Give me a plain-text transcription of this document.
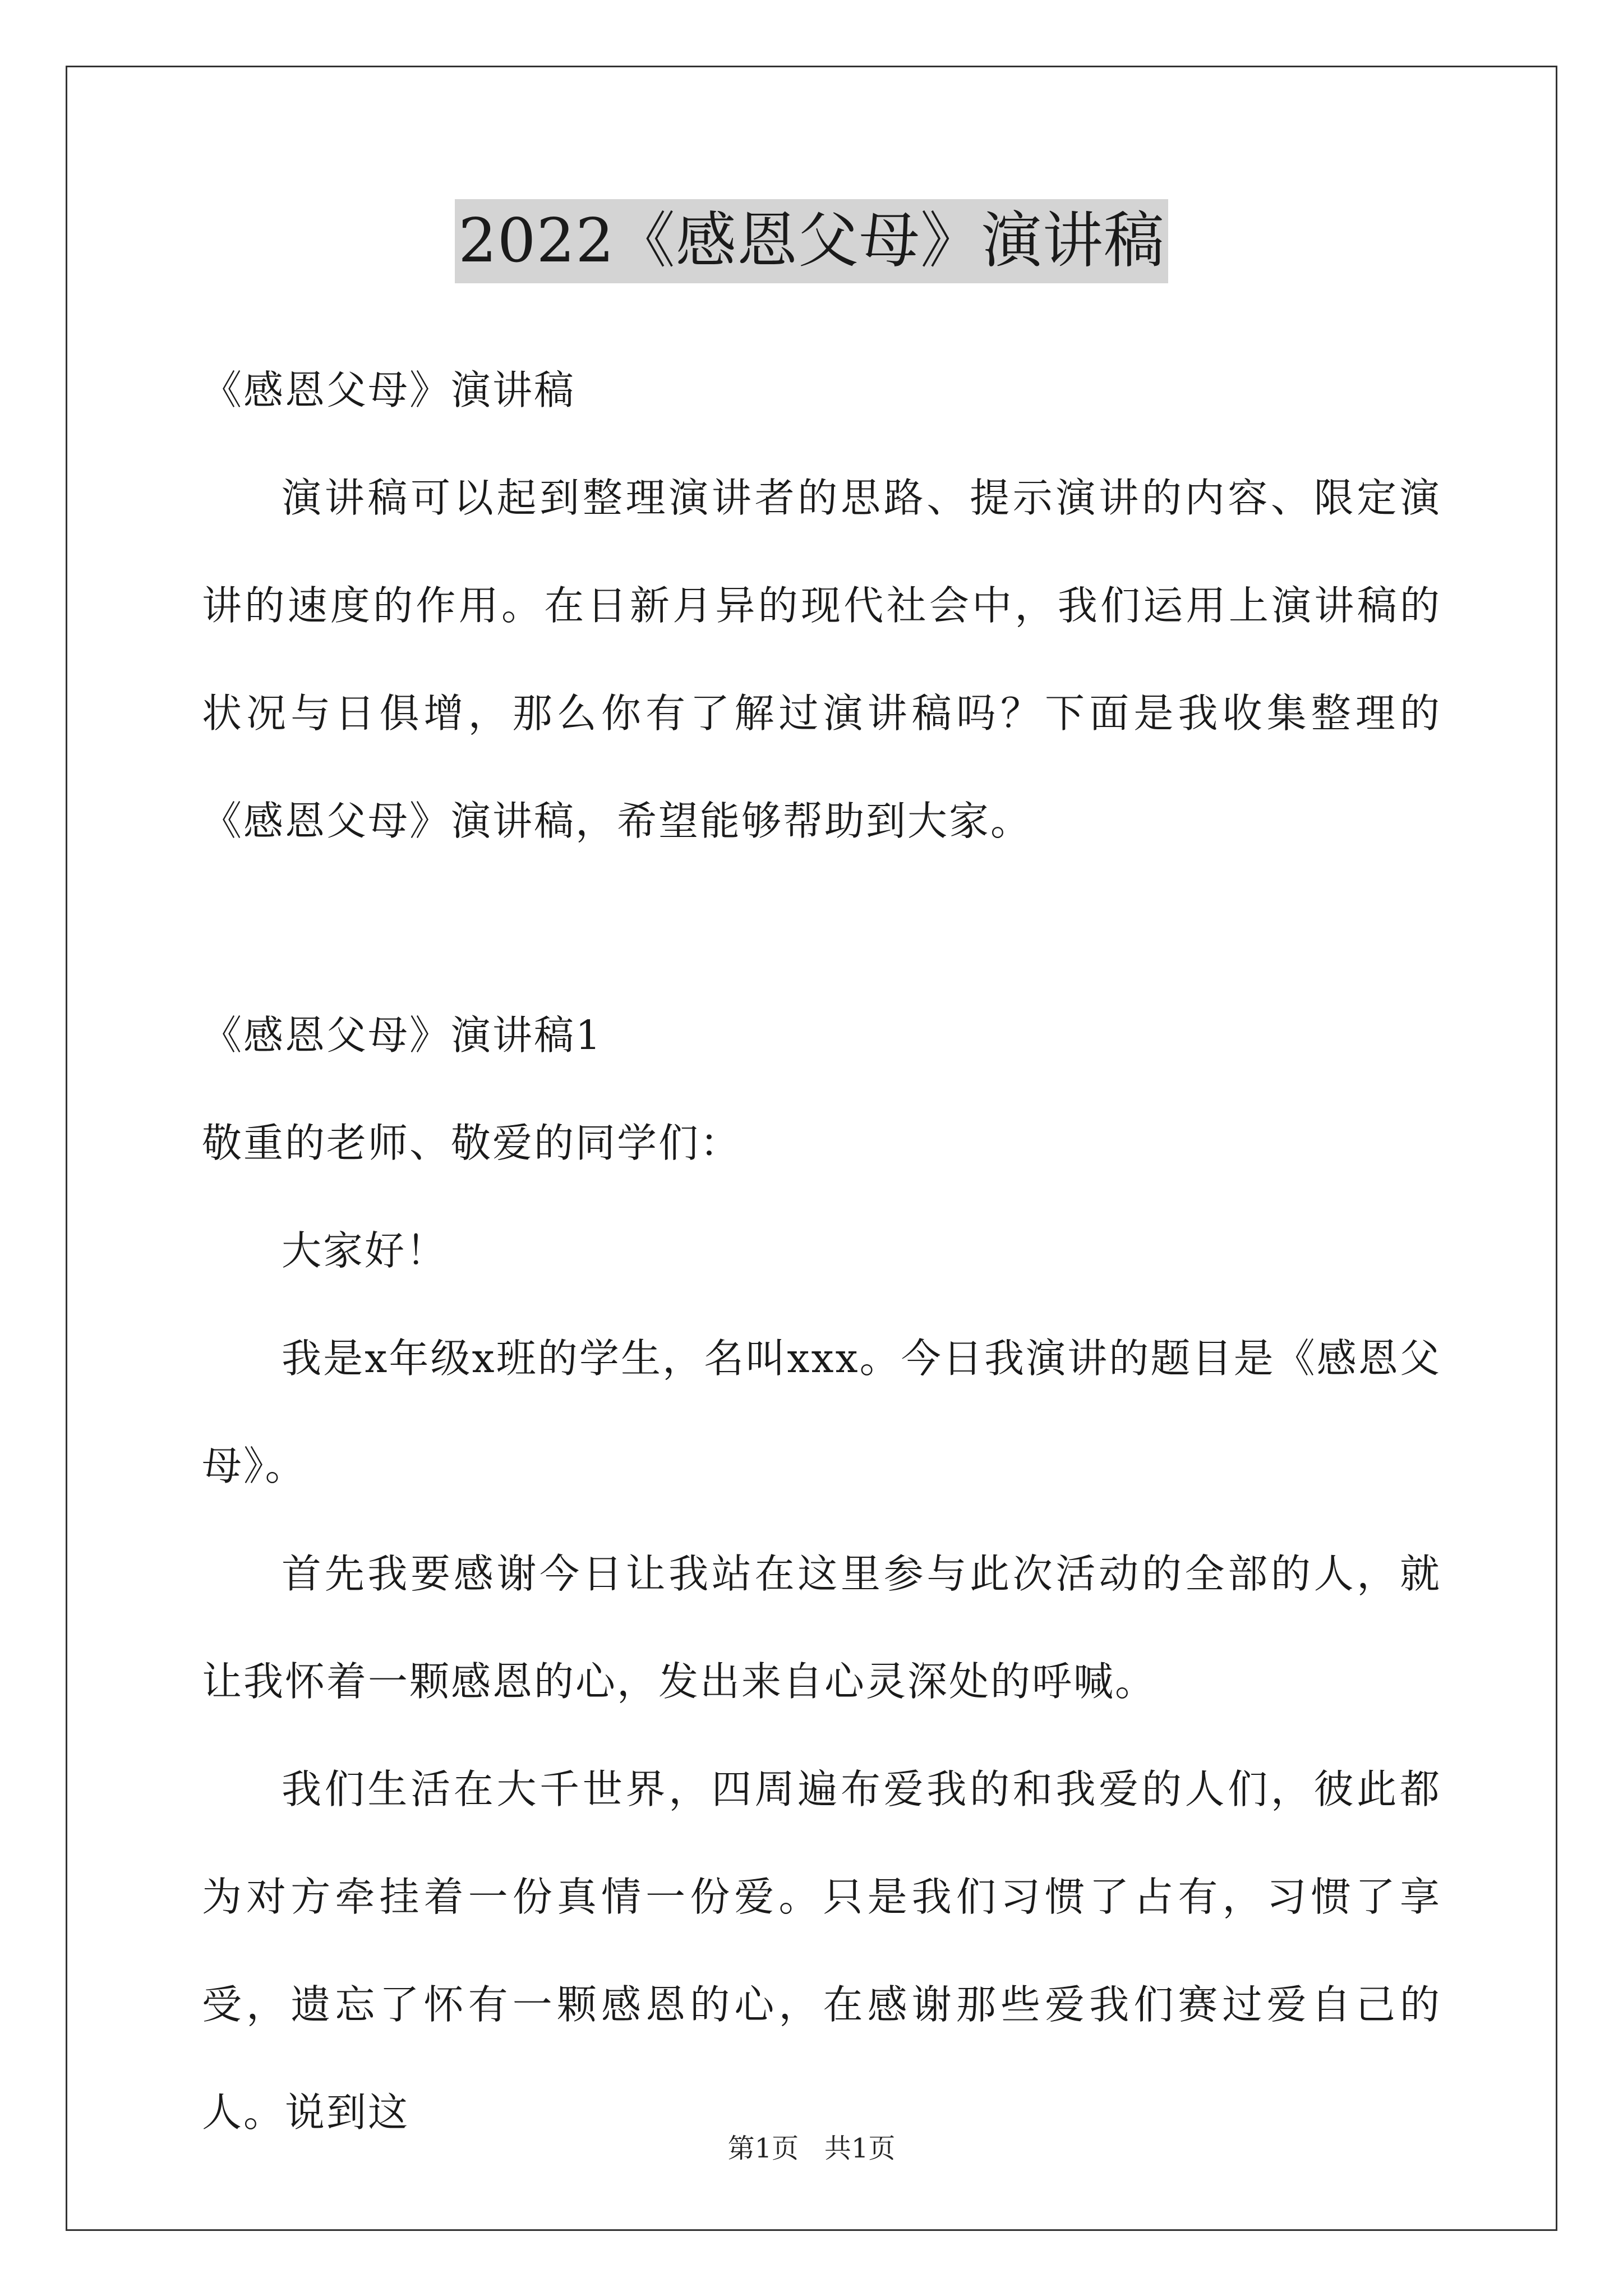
2022《感恩父母》演讲稿

《感恩父母》演讲稿

演讲稿可以起到整理演讲者的思路、提示演讲的内容、限定演讲的速度的作用。在日新月异的现代社会中，我们运用上演讲稿的状况与日俱增，那么你有了解过演讲稿吗？下面是我收集整理的《感恩父母》演讲稿，希望能够帮助到大家。

《感恩父母》演讲稿1

敬重的老师、敬爱的同学们：

大家好！

我是x年级x班的学生，名叫xxx。今日我演讲的题目是《感恩父母》。

首先我要感谢今日让我站在这里参与此次活动的全部的人，就让我怀着一颗感恩的心，发出来自心灵深处的呼喊。

我们生活在大千世界，四周遍布爱我的和我爱的人们，彼此都为对方牵挂着一份真情一份爱。只是我们习惯了占有，习惯了享受，遗忘了怀有一颗感恩的心，在感谢那些爱我们赛过爱自己的人。说到这

第1页 共1页
